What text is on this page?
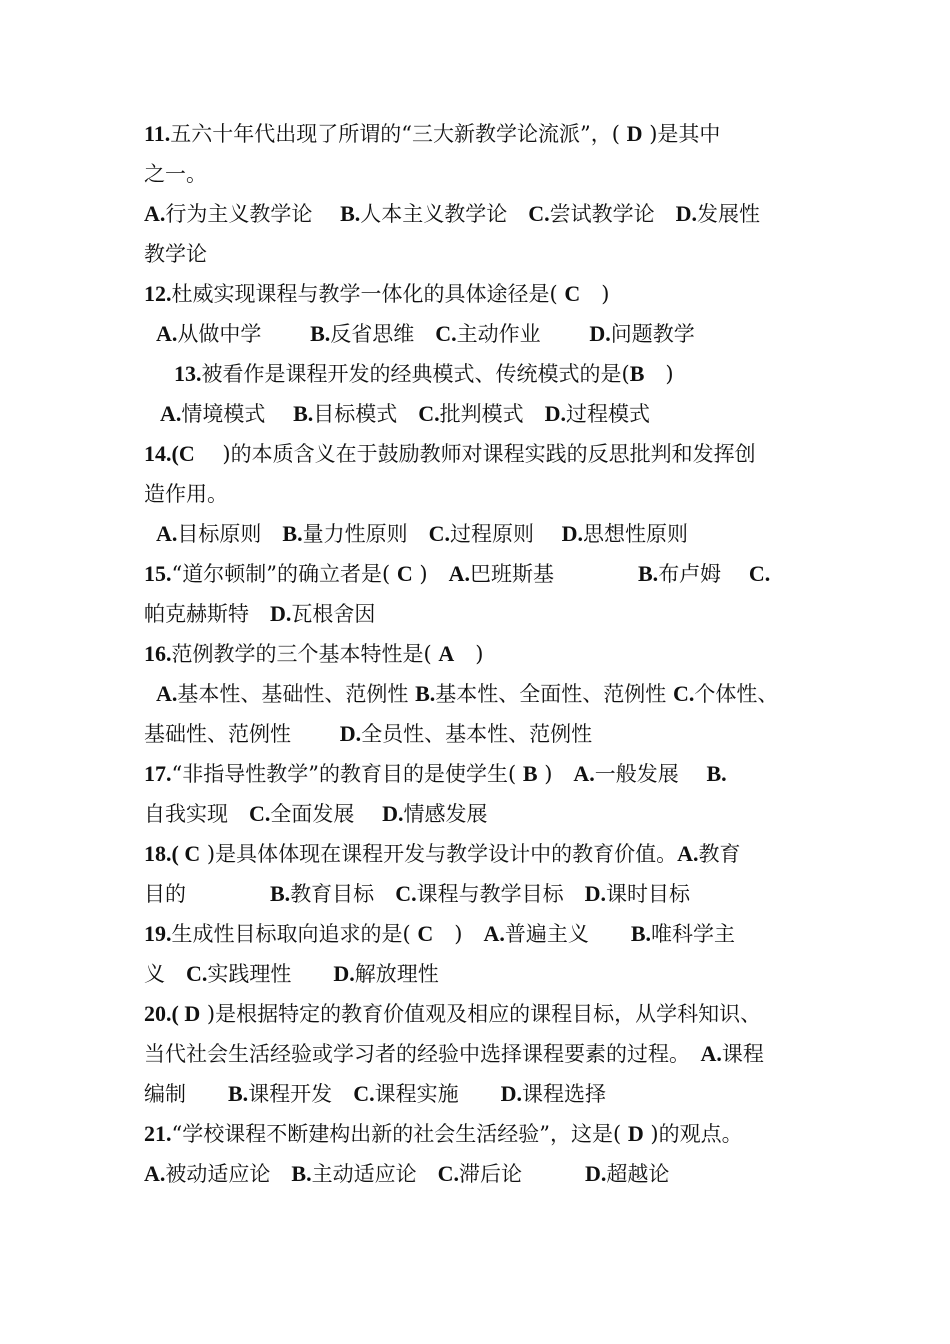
11.五六十年代出现了所谓的“三大新教学论流派”，( D )是其中
之一。
A.行为主义教学论　 B.人本主义教学论　C.尝试教学论　D.发展性
教学论
12.杜威实现课程与教学一体化的具体途径是( C　)
A.从做中学　　 B.反省思维　C.主动作业　　 D.问题教学
13.被看作是课程开发的经典模式、传统模式的是(B　)
A.情境模式　 B.目标模式　C.批判模式　D.过程模式
14.(C　 )的本质含义在于鼓励教师对课程实践的反思批判和发挥创
造作用。
A.目标原则　B.量力性原则　C.过程原则　 D.思想性原则
15.“道尔顿制”的确立者是( C )　A.巴班斯基　　　　B.布卢姆　 C.
帕克赫斯特　D.瓦根舍因
16.范例教学的三个基本特性是( A　)
A.基本性、基础性、范例性 B.基本性、全面性、范例性 C.个体性、
基础性、范例性　　 D.全员性、基本性、范例性
17.“非指导性教学”的教育目的是使学生( B )　A.一般发展　 B.
自我实现　C.全面发展　 D.情感发展
18.( C )是具体体现在课程开发与教学设计中的教育价值。A.教育
目的　　　　B.教育目标　C.课程与教学目标　D.课时目标
19.生成性目标取向追求的是( C　)　A.普遍主义　　B.唯科学主
义　C.实践理性　　D.解放理性
20.( D )是根据特定的教育价值观及相应的课程目标，从学科知识、
当代社会生活经验或学习者的经验中选择课程要素的过程。　A.课程
编制　　B.课程开发　C.课程实施　　D.课程选择
21.“学校课程不断建构出新的社会生活经验”，这是( D )的观点。
A.被动适应论　B.主动适应论　C.滞后论　　　D.超越论
